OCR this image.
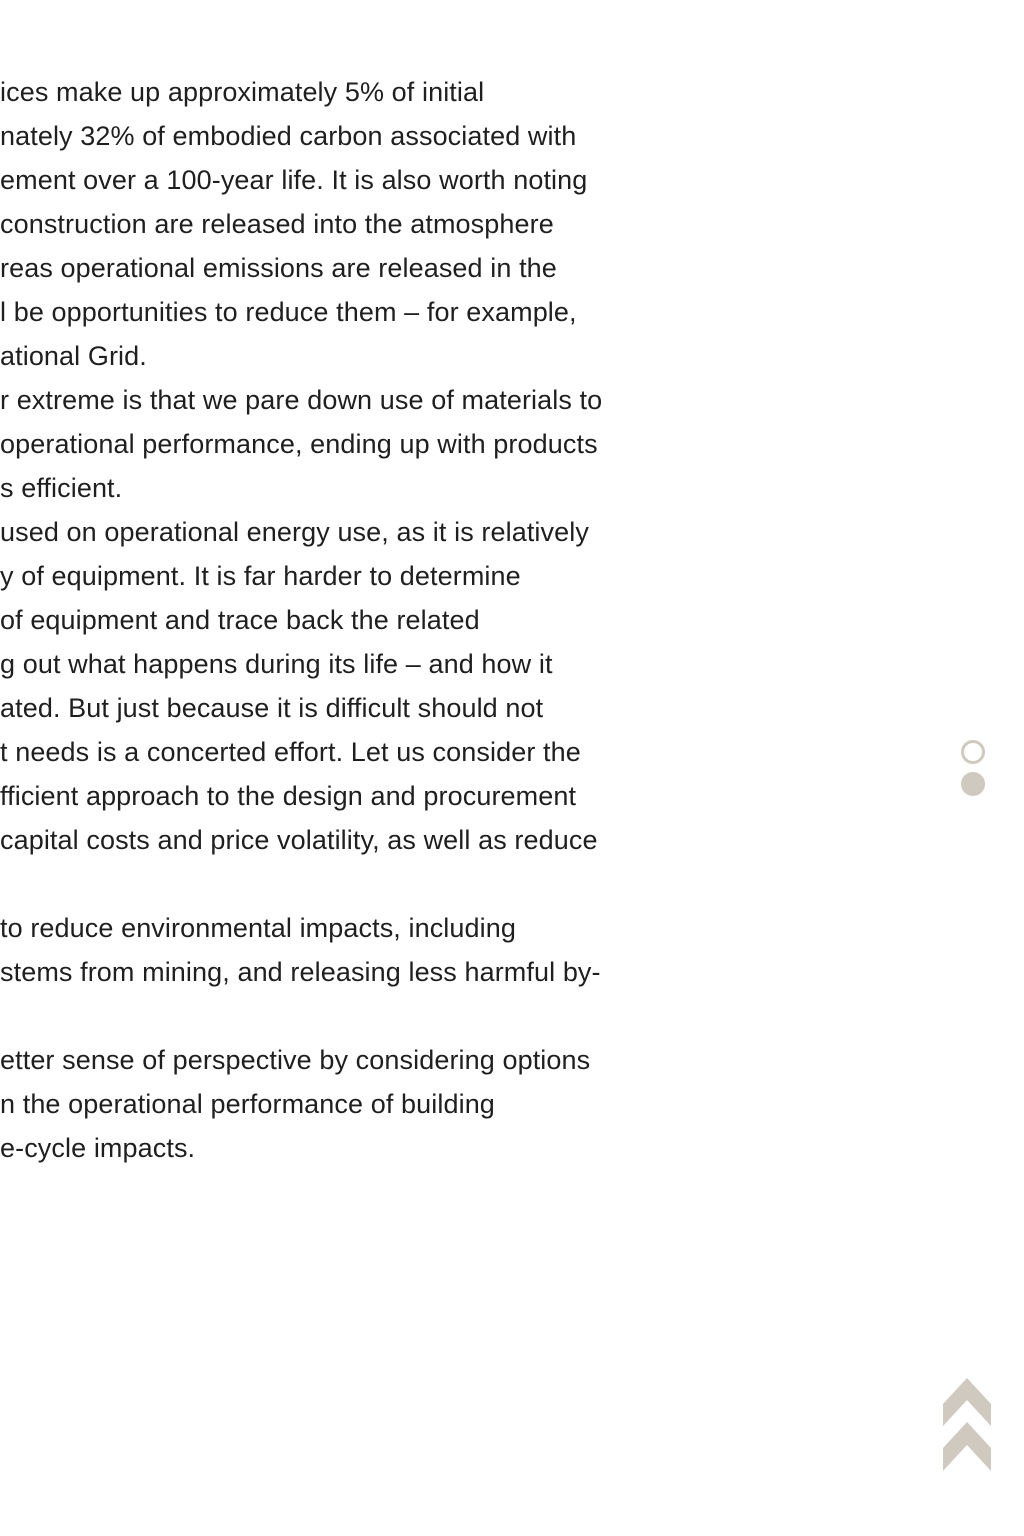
ices make up approximately 5% of initial
nately 32% of embodied carbon associated with
ement over a 100-year life. It is also worth noting
construction are released into the atmosphere
reas operational emissions are released in the
l be opportunities to reduce them – for example,
ational Grid.
r extreme is that we pare down use of materials to
operational performance, ending up with products
s efficient.
used on operational energy use, as it is relatively
y of equipment. It is far harder to determine
of equipment and trace back the related
g out what happens during its life – and how it
ated. But just because it is difficult should not
t needs is a concerted effort. Let us consider the
fficient approach to the design and procurement
capital costs and price volatility, as well as reduce
to reduce environmental impacts, including
stems from mining, and releasing less harmful by-
etter sense of perspective by considering options
n the operational performance of building
e-cycle impacts.
